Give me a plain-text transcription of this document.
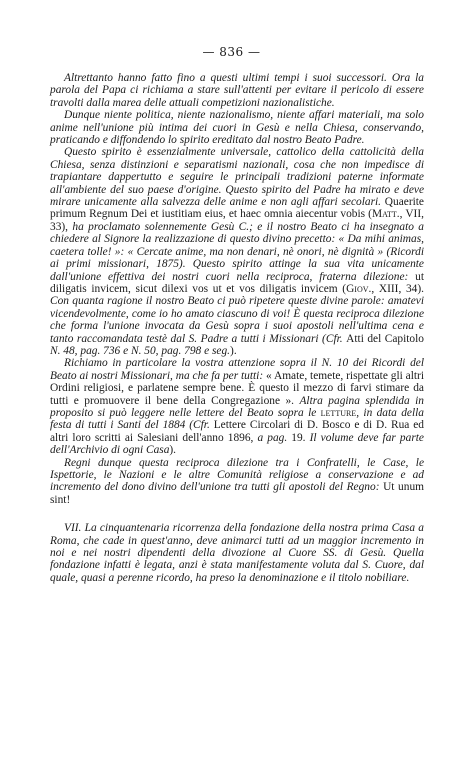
— 836 —

Altrettanto hanno fatto fino a questi ultimi tempi i suoi successori. Ora la parola del Papa ci richiama a stare sull'attenti per evitare il pericolo di essere travolti dalla marea delle attuali competizioni nazionalistiche.

Dunque niente politica, niente nazionalismo, niente affari materiali, ma solo anime nell'unione più intima dei cuori in Gesù e nella Chiesa, conservando, praticando e diffondendo lo spirito ereditato dal nostro Beato Padre.

Questo spirito è essenzialmente universale, cattolico della cattolicità della Chiesa, senza distinzioni e separatismi nazionali, cosa che non impedisce di trapiantare dappertutto e seguire le principali tradizioni paterne informate all'ambiente del suo paese d'origine. Questo spirito del Padre ha mirato e deve mirare unicamente alla salvezza delle anime e non agli affari secolari. Quaerite primum Regnum Dei et iustitiam eius, et haec omnia aiecentur vobis (Matt., VII, 33), ha proclamato solennemente Gesù C.; e il nostro Beato ci ha insegnato a chiedere al Signore la realizzazione di questo divino precetto: « Da mihi animas, caetera tolle! »: « Cercate anime, ma non denari, nè onori, nè dignità » (Ricordi ai primi missionari, 1875). Questo spirito attinge la sua vita unicamente dall'unione effettiva dei nostri cuori nella reciproca, fraterna dilezione: ut diligatis invicem, sicut dilexi vos ut et vos diligatis invicem (Giov., XIII, 34). Con quanta ragione il nostro Beato ci può ripetere queste divine parole: amatevi vicendevolmente, come io ho amato ciascuno di voi! È questa reciproca dilezione che forma l'unione invocata da Gesù sopra i suoi apostoli nell'ultima cena e tanto raccomandata testè dal S. Padre a tutti i Missionari (Cfr. Atti del Capitolo N. 48, pag. 736 e N. 50, pag. 798 e seg.).

Richiamo in particolare la vostra attenzione sopra il N. 10 dei Ricordi del Beato ai nostri Missionari, ma che fa per tutti: « Amate, temete, rispettate gli altri Ordini religiosi, e parlatene sempre bene. È questo il mezzo di farvi stimare da tutti e promuovere il bene della Congregazione ». Altra pagina splendida in proposito si può leggere nelle lettere del Beato sopra le letture, in data della festa di tutti i Santi del 1884 (Cfr. Lettere Circolari di D. Bosco e di D. Rua ed altri loro scritti ai Salesiani dell'anno 1896, a pag. 19. Il volume deve far parte dell'Archivio di ogni Casa).

Regni dunque questa reciproca dilezione tra i Confratelli, le Case, le Ispettorie, le Nazioni e le altre Comunità religiose a conservazione e ad incremento del dono divino dell'unione tra tutti gli apostoli del Regno: Ut unum sint!

VII. La cinquantenaria ricorrenza della fondazione della nostra prima Casa a Roma, che cade in quest'anno, deve animarci tutti ad un maggior incremento in noi e nei nostri dipendenti della divozione al Cuore SS. di Gesù. Quella fondazione infatti è legata, anzi è stata manifestamente voluta dal S. Cuore, dal quale, quasi a perenne ricordo, ha preso la denominazione e il titolo nobiliare.
